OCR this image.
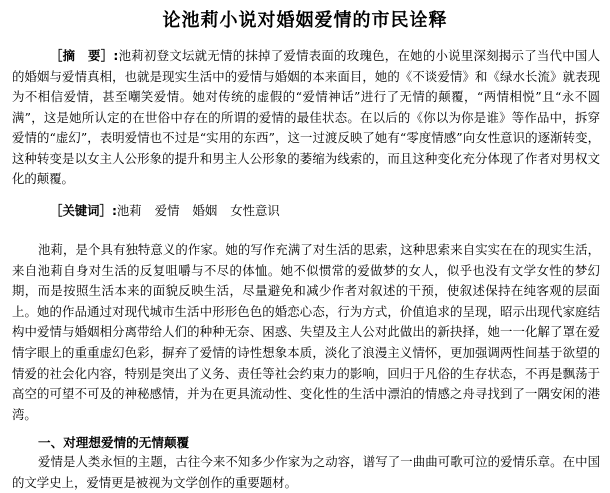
论池莉小说对婚姻爱情的市民诠释
［摘　要］:池莉初登文坛就无情的抹掉了爱情表面的玫瑰色，在她的小说里深刻揭示了当代中国人的婚姻与爱情真相，也就是现实生活中的爱情与婚姻的本来面目，她的《不谈爱情》和《绿水长流》就表现为不相信爱情，甚至嘲笑爱情。她对传统的虚假的“爱情神话”进行了无情的颠覆，“两情相悦”且“永不圆满”，这是她所认定的在世俗中存在的所谓的爱情的最佳状态。在以后的《你以为你是谁》等作品中，拆穿爱情的“虚幻”，表明爱情也不过是“实用的东西”，这一过渡反映了她有“零度情感”向女性意识的逐渐转变，这种转变是以女主人公形象的提升和男主人公形象的萎缩为线索的，而且这种变化充分体现了作者对男权文化的颠覆。
［关键词］:池莉 爱情 婚姻 女性意识
池莉，是个具有独特意义的作家。她的写作充满了对生活的思索，这种思索来自实实在在的现实生活，来自池莉自身对生活的反复咀嚼与不尽的体恤。她不似惯常的爱做梦的女人，似乎也没有文学女性的梦幻期，而是按照生活本来的面貌反映生活，尽量避免和减少作者对叙述的干预，使叙述保持在纯客观的层面上。她的作品通过对现代城市生活中形形色色的婚恋心态，行为方式，价值追求的呈现，昭示出现代家庭结构中爱情与婚姻相分离带给人们的种种无奈、困惑、失望及主人公对此做出的新抉择，她一一化解了罩在爱情字眼上的重重虚幻色彩，摒弃了爱情的诗性想象本质，淡化了浪漫主义情怀，更加强调两性间基于欲望的情爱的社会化内容，特别是突出了义务、责任等社会约束力的影响，回归于凡俗的生存状态，不再是飘荡于高空的可望不可及的神秘感情，并为在更具流动性、变化性的生活中漂泊的情感之舟寻找到了一隅安闲的港湾。
一、对理想爱情的无情颠覆
爱情是人类永恒的主题，古往今来不知多少作家为之动容，谱写了一曲曲可歌可泣的爱情乐章。在中国的文学史上，爱情更是被视为文学创作的重要题材。
